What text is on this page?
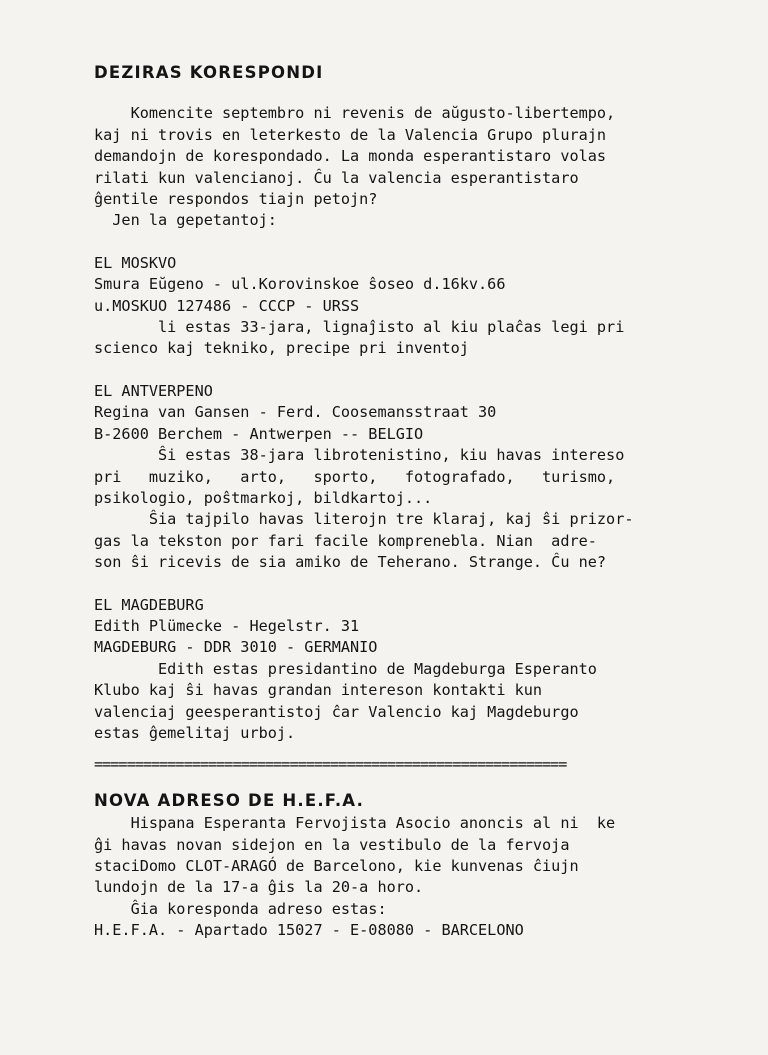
DEZIRAS KORESPONDI
Komencite septembro ni revenis de aŭgusto-libertempo,
kaj ni trovis en leterkesto de la Valencia Grupo plurajn
demandojn de korespondado. La monda esperantistaro volas
rilati kun valencianoj. Ĉu la valencia esperantistaro
ĝentile respondos tiajn petojn?
Jen la gepetantoj:
EL MOSKVO
Smura Eŭgeno - ul.Korovinskoe ŝoseo d.16kv.66
u.MOSKUO 127486 - CCCP - URSS
li estas 33-jara, lignaĵisto al kiu plaĉas legi pri
scienco kaj tekniko, precipe pri inventoj
EL ANTVERPENO
Regina van Gansen - Ferd. Coosemansstraat 30
B-2600 Berchem - Antwerpen -- BELGIO
Ŝi estas 38-jara librotenistino, kiu havas intereso
pri   muziko,   arto,   sporto,   fotografado,   turismo,
psikologio, poŝtmarkoj, bildkartoj...
Ŝia tajpilo havas literojn tre klaraj, kaj ŝi prizor-
gas la tekston por fari facile komprenebla. Nian  adre-
son ŝi ricevis de sia amiko de Teherano. Strange. Ĉu ne?
EL MAGDEBURG
Edith Plümecke - Hegelstr. 31
MAGDEBURG - DDR 3010 - GERMANIO
Edith estas presidantino de Magdeburga Esperanto
Klubo kaj ŝi havas grandan intereson kontakti kun
valenciaj geesperantistoj ĉar Valencio kaj Magdeburgo
estas ĝemelitaj urboj.
==========================================================
NOVA ADRESO DE H.E.F.A.
Hispana Esperanta Fervojista Asocio anoncis al ni  ke
ĝi havas novan sidejon en la vestibulo de la fervoja
staciDomo CLOT-ARAGÓ de Barcelono, kie kunvenas ĉiujn
lundojn de la 17-a ĝis la 20-a horo.
Ĝia koresponda adreso estas:
H.E.F.A. - Apartado 15027 - E-08080 - BARCELONO
